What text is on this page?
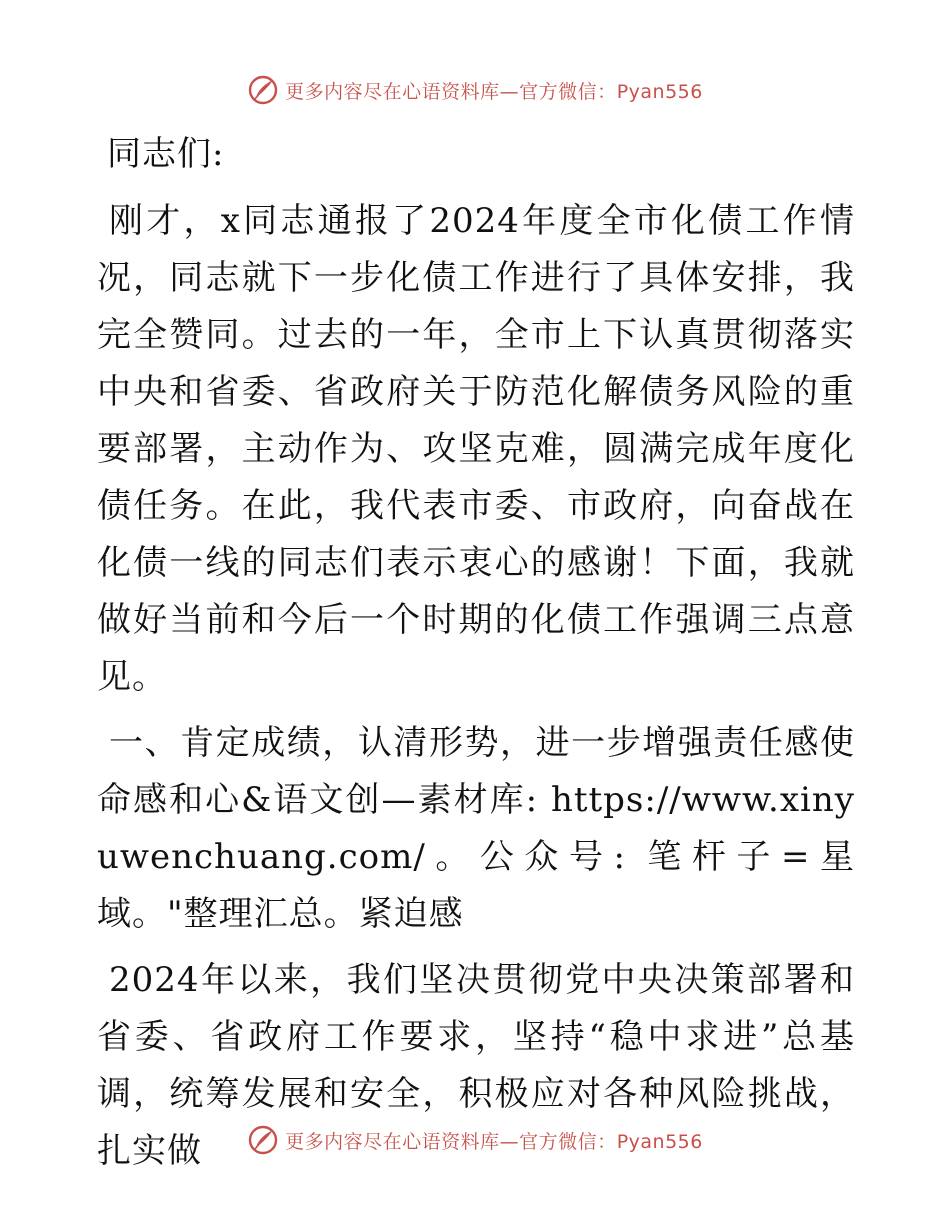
更多内容尽在心语资料库—官方微信：Pyan556

同志们:

刚才，x同志通报了2024年度全市化债工作情况，同志就下一步化债工作进行了具体安排，我完全赞同。过去的一年，全市上下认真贯彻落实中央和省委、省政府关于防范化解债务风险的重要部署，主动作为、攻坚克难，圆满完成年度化债任务。在此，我代表市委、市政府，向奋战在化债一线的同志们表示衷心的感谢！下面，我就做好当前和今后一个时期的化债工作强调三点意见。

一、肯定成绩，认清形势，进一步增强责任感使命感和心&语文创—素材库: https://www.xinyuwenchuang.com/。公众号: 笔杆子=星域。"整理汇总。紧迫感

2024年以来，我们坚决贯彻党中央决策部署和省委、省政府工作要求，坚持“稳中求进”总基调，统筹发展和安全，积极应对各种风险挑战，扎实做	更多内容尽在心语资料库—官方微信：Pyan556
